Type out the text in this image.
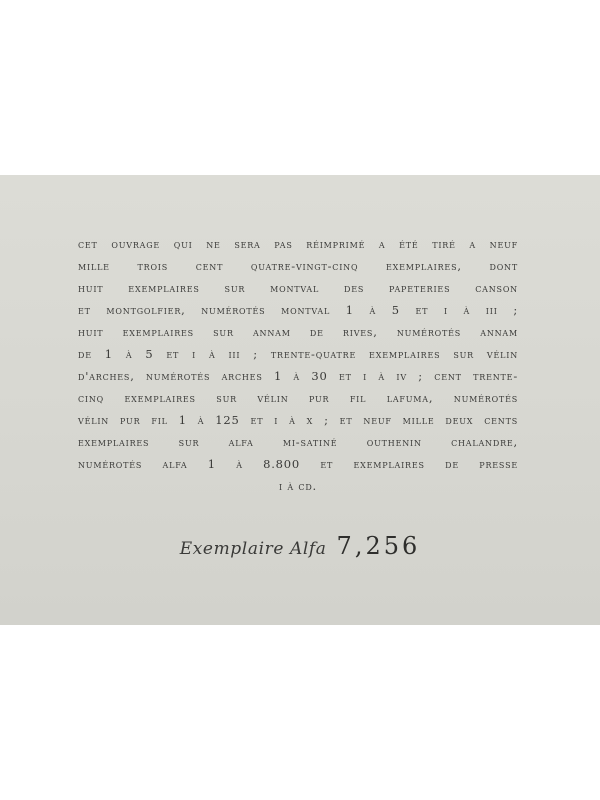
cet ouvrage qui ne sera pas réimprimé a été tiré a neuf
mille trois cent quatre-vingt-cinq exemplaires, dont
huit exemplaires sur montval des papeteries canson
et montgolfier, numérotés montval 1 à 5 et i à iii ;
huit exemplaires sur annam de rives, numérotés annam
de 1 à 5 et i à iii ; trente-quatre exemplaires sur vélin
d'arches, numérotés arches 1 à 30 et i à iv ; cent trente-
cinq exemplaires sur vélin pur fil lafuma, numérotés
vélin pur fil 1 à 125 et i à x ; et neuf mille deux cents
exemplaires sur alfa mi-satiné outhenin chalandre,
numérotés alfa 1 à 8.800 et exemplaires de presse
i à cd.
Exemplaire Alfa 7,256
